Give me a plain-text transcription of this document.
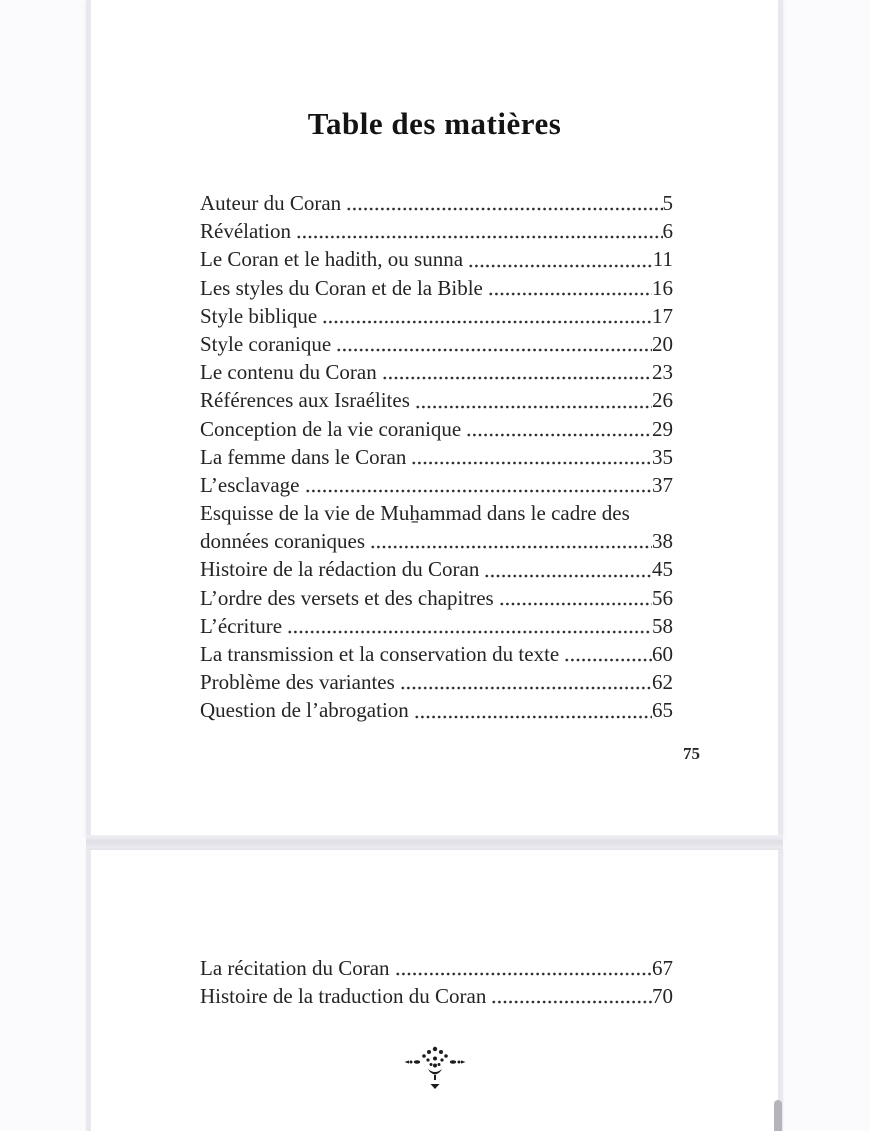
Table des matières
Auteur du Coran	5
Révélation	6
Le Coran et le hadith, ou sunna	11
Les styles du Coran et de la Bible	16
Style biblique	17
Style coranique	20
Le contenu du Coran	23
Références aux Israélites	26
Conception de la vie coranique	29
La femme dans le Coran	35
L’esclavage	37
Esquisse de la vie de Muẖammad dans le cadre des
données coraniques	38
Histoire de la rédaction du Coran	45
L’ordre des versets et des chapitres	56
L’écriture	58
La transmission et la conservation du texte	60
Problème des variantes	62
Question de l’abrogation	65
75
La récitation du Coran	67
Histoire de la traduction du Coran	70
